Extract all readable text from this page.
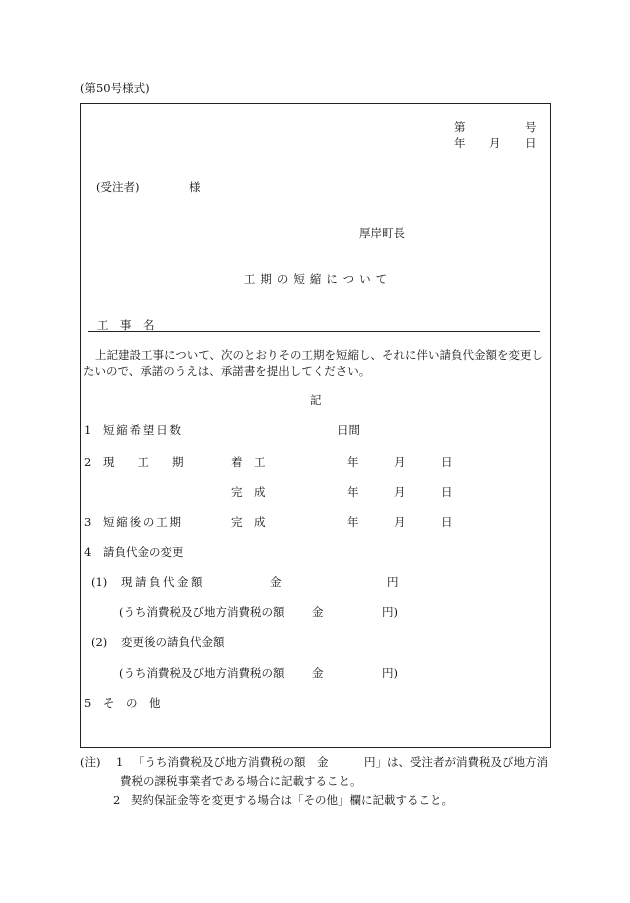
(第50号様式)
第	号
年 月 日
(受注者)	様
厚岸町長
工期の短縮について
工　事　名
上記建設工事について、次のとおりその工期を短縮し、それに伴い請負代金額を変更し
たいので、承諾のうえは、承諾書を提出してください。
記
1 短縮希望日数	日間
2 現　　工　　期	着　工	年	月	日
完　成	年	月	日
3 短縮後の工期	完　成	年	月	日
4 請負代金の変更
(1) 現請負代金額	金	円
(うち消費税及び地方消費税の額 金	円)
(2) 変更後の請負代金額
(うち消費税及び地方消費税の額 金	円)
5 そ　の　他
(注) 1 「うち消費税及び地方消費税の額 金	円」は、受注者が消費税及び地方消
費税の課税事業者である場合に記載すること。
2 契約保証金等を変更する場合は「その他」欄に記載すること。
